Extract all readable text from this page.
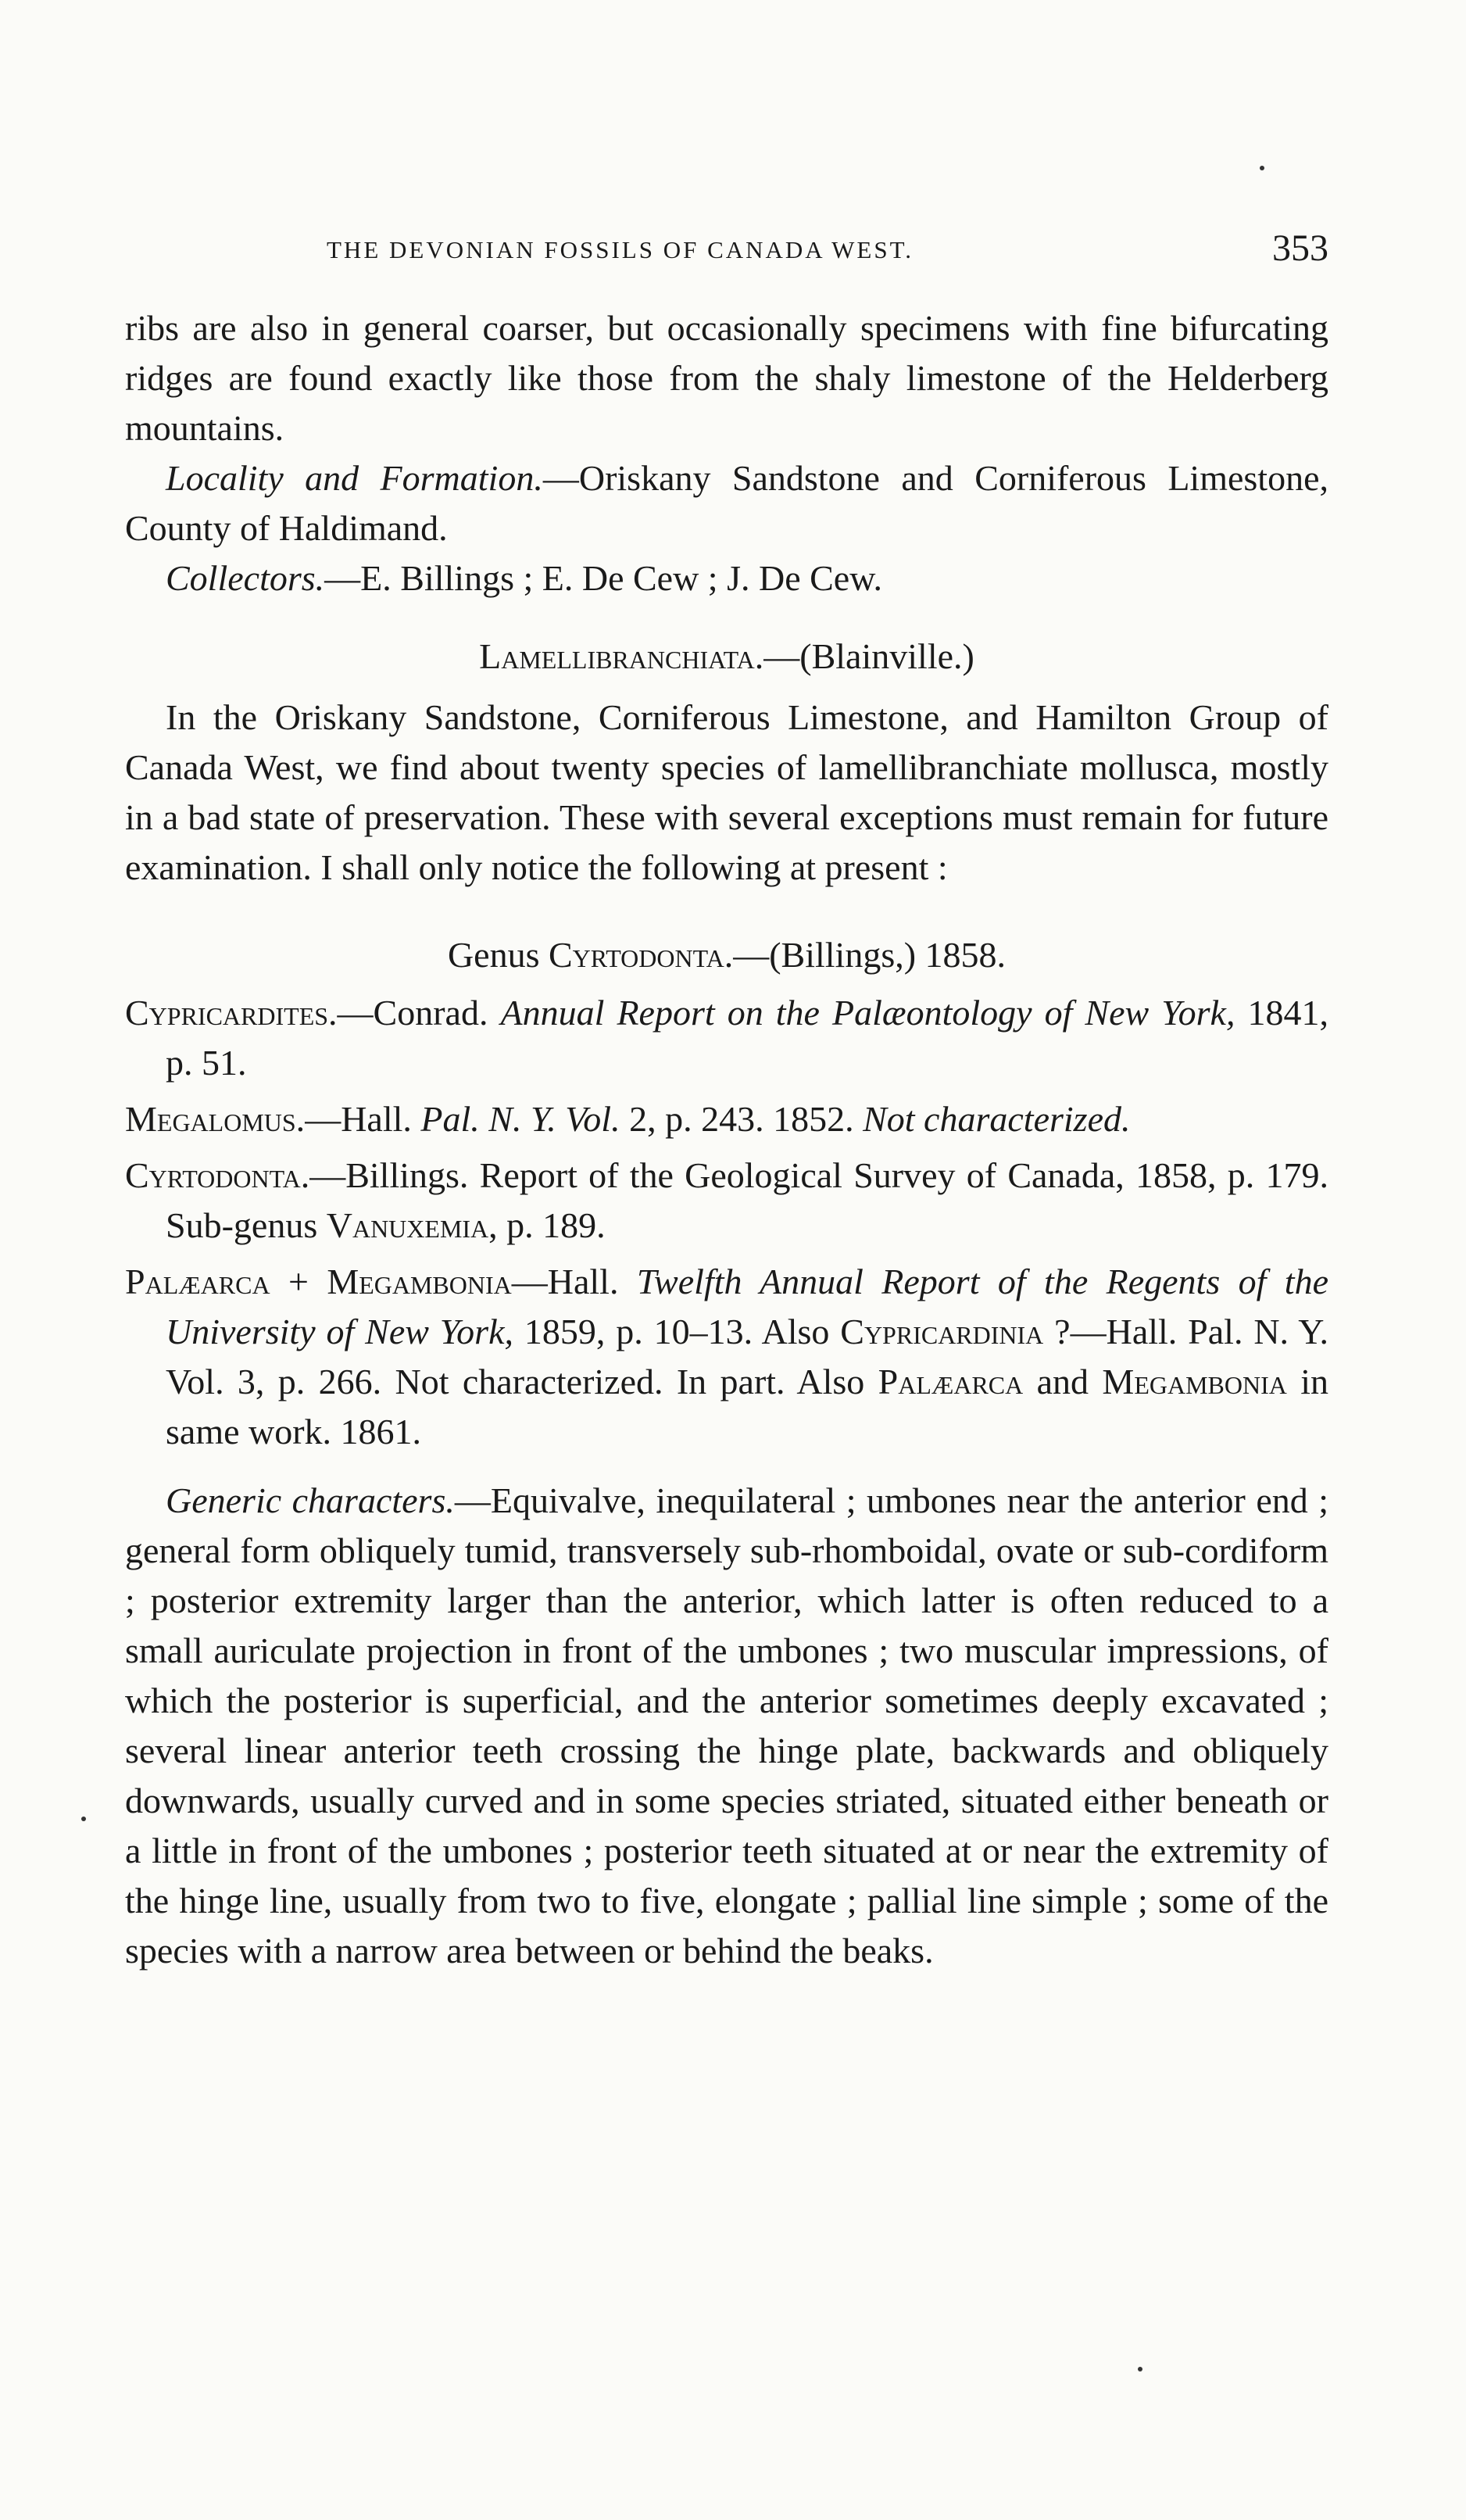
THE DEVONIAN FOSSILS OF CANADA WEST.	353

ribs are also in general coarser, but occasionally specimens with fine bifurcating ridges are found exactly like those from the shaly limestone of the Helderberg mountains.

Locality and Formation.—Oriskany Sandstone and Corniferous Limestone, County of Haldimand.

Collectors.—E. Billings ; E. De Cew ; J. De Cew.

Lamellibranchiata.—(Blainville.)

In the Oriskany Sandstone, Corniferous Limestone, and Hamilton Group of Canada West, we find about twenty species of lamellibranchiate mollusca, mostly in a bad state of preservation. These with several exceptions must remain for future examination. I shall only notice the following at present :

Genus Cyrtodonta.—(Billings,) 1858.

Cypricardites.—Conrad. Annual Report on the Palæontology of New York, 1841, p. 51.

Megalomus.—Hall. Pal. N. Y. Vol. 2, p. 243. 1852. Not characterized.

Cyrtodonta.—Billings. Report of the Geological Survey of Canada, 1858, p. 179. Sub-genus Vanuxemia, p. 189.

Palæarca + Megambonia—Hall. Twelfth Annual Report of the Regents of the University of New York, 1859, p. 10–13. Also Cypricardinia ?—Hall. Pal. N. Y. Vol. 3, p. 266. Not characterized. In part. Also Palæarca and Megambonia in same work. 1861.

Generic characters.—Equivalve, inequilateral ; umbones near the anterior end ; general form obliquely tumid, transversely sub-rhomboidal, ovate or sub-cordiform ; posterior extremity larger than the anterior, which latter is often reduced to a small auriculate projection in front of the umbones ; two muscular impressions, of which the posterior is superficial, and the anterior sometimes deeply excavated ; several linear anterior teeth crossing the hinge plate, backwards and obliquely downwards, usually curved and in some species striated, situated either beneath or a little in front of the umbones ; posterior teeth situated at or near the extremity of the hinge line, usually from two to five, elongate ; pallial line simple ; some of the species with a narrow area between or behind the beaks.
